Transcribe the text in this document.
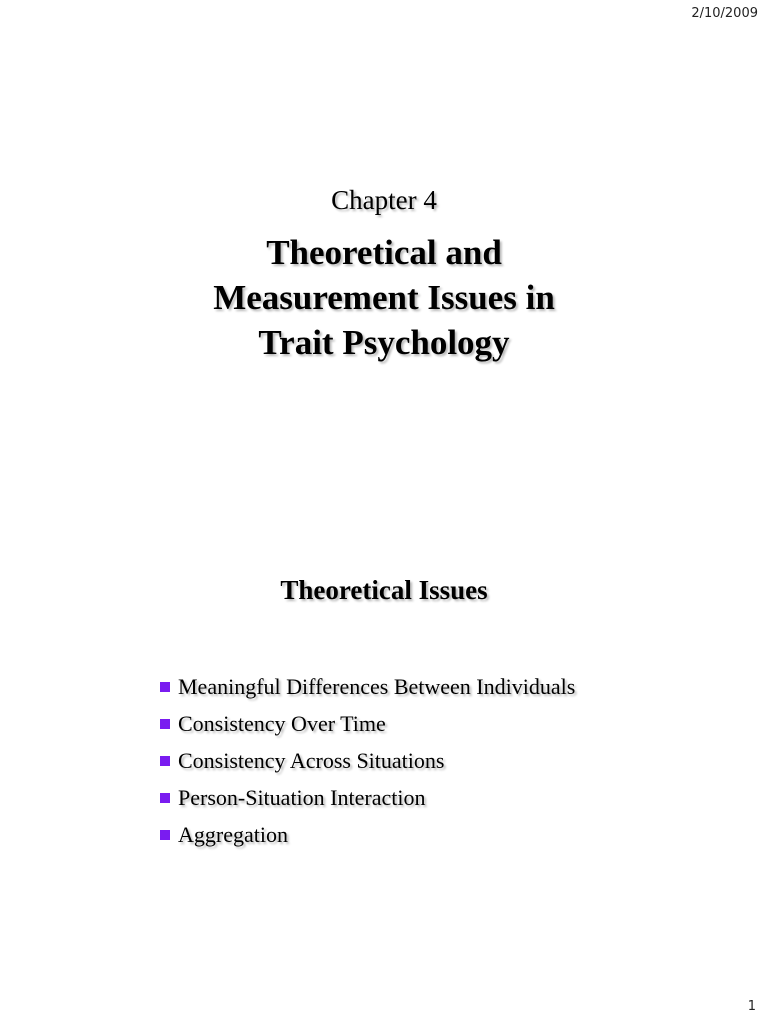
2/10/2009

Chapter 4

Theoretical and
Measurement Issues in
Trait Psychology
Theoretical Issues
Meaningful Differences Between Individuals
Consistency Over Time
Consistency Across Situations
Person-Situation Interaction
Aggregation
1
